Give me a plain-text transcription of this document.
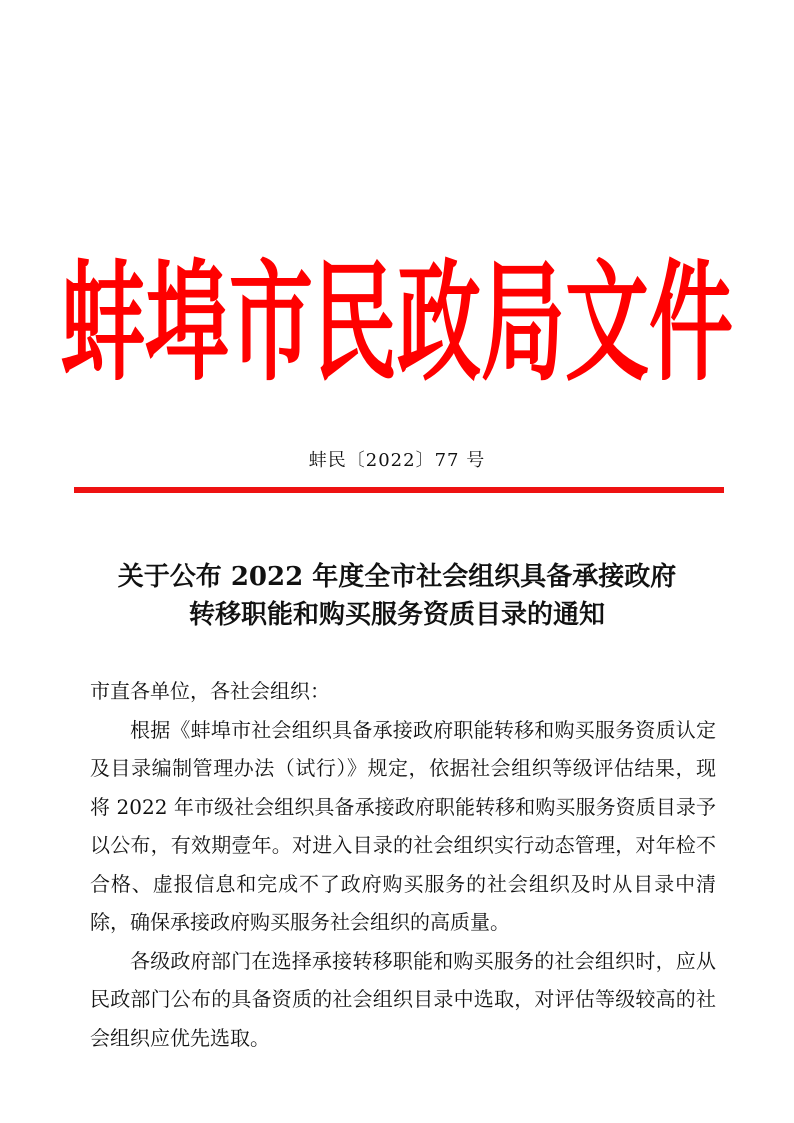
蚌埠市民政局文件
蚌民〔2022〕77 号
关于公布 2022 年度全市社会组织具备承接政府
转移职能和购买服务资质目录的通知

市直各单位，各社会组织：

根据《蚌埠市社会组织具备承接政府职能转移和购买服务资质认定及目录编制管理办法（试行）》规定，依据社会组织等级评估结果，现将 2022 年市级社会组织具备承接政府职能转移和购买服务资质目录予以公布，有效期壹年。对进入目录的社会组织实行动态管理，对年检不合格、虚报信息和完成不了政府购买服务的社会组织及时从目录中清除，确保承接政府购买服务社会组织的高质量。

各级政府部门在选择承接转移职能和购买服务的社会组织时，应从民政部门公布的具备资质的社会组织目录中选取，对评估等级较高的社会组织应优先选取。
